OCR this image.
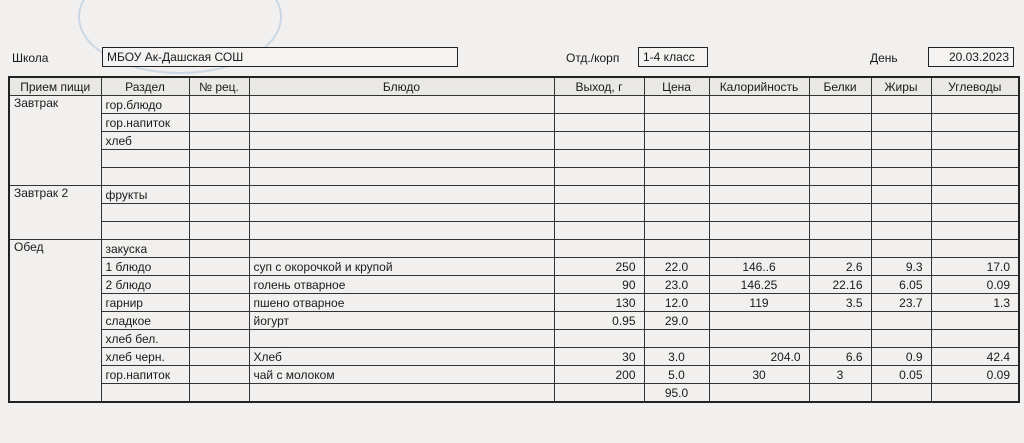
Школа	МБОУ Ак-Дашская СОШ	Отд./корп	1-4 класс	День	20.03.2023
Прием пищи	Раздел	№ рец.	Блюдо	Выход, г	Цена	Калорийность	Белки	Жиры	Углеводы
Завтрак	гор.блюдо								
	гор.напиток								
	хлеб								

Завтрак 2	фрукты								

Обед	закуска								
	1 блюдо		суп с окорочкой и крупой	250	22.0	146..6	2.6	9.3	17.0
	2 блюдо		голень отварное	90	23.0	146.25	22.16	6.05	0.09
	гарнир		пшено отварное	130	12.0	119	3.5	23.7	1.3
	сладкое		йогурт	0.95	29.0				
	хлеб бел.								
	хлеб черн.		Хлеб	30	3.0	204.0	6.6	0.9	42.4
	гор.напиток		чай с молоком	200	5.0	30	3	0.05	0.09
					95.0				
